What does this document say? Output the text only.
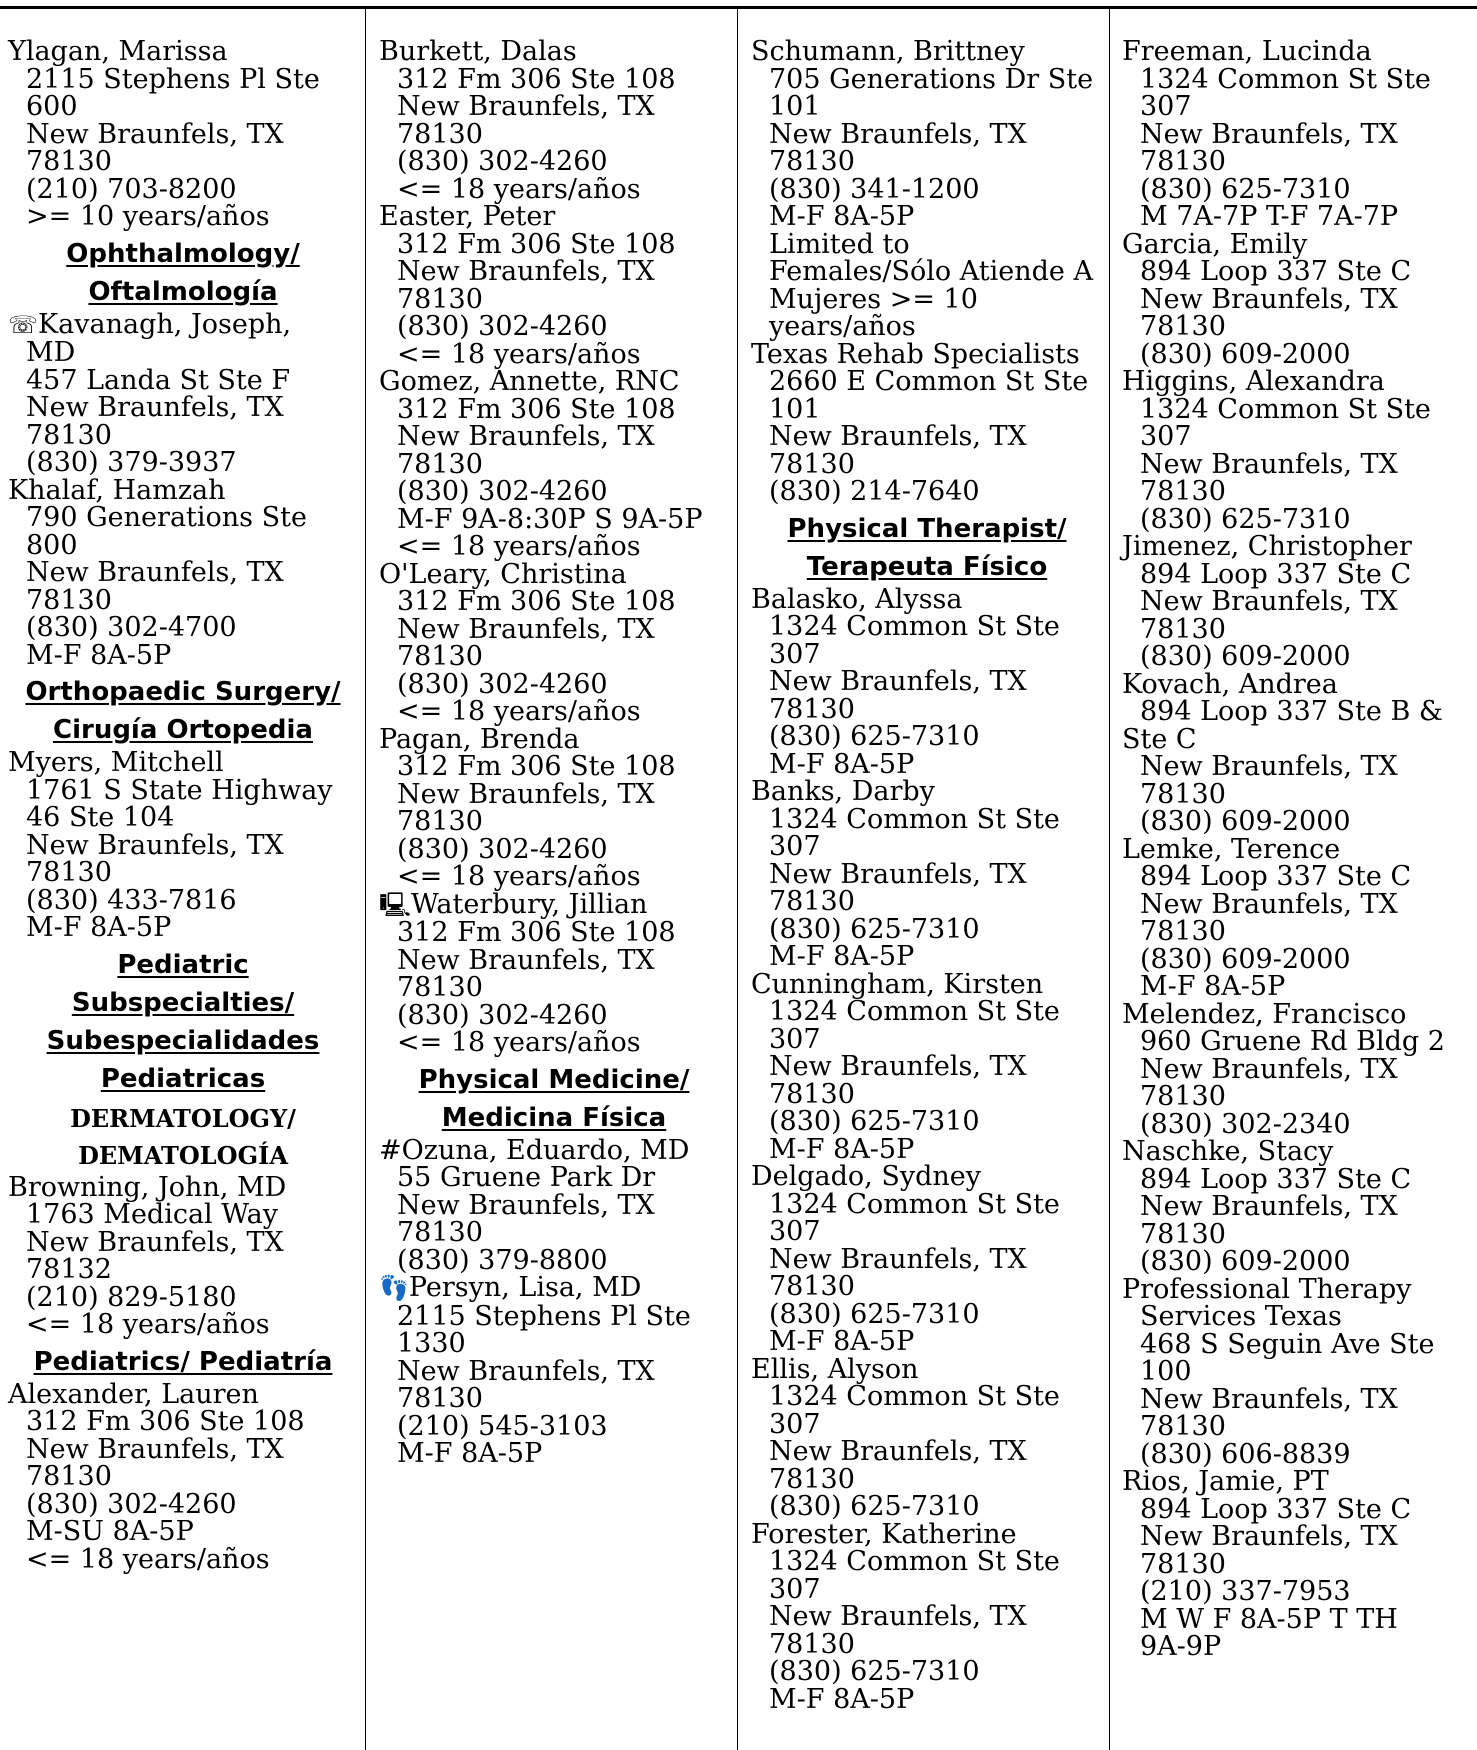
Ylagan, Marissa
2115 Stephens Pl Ste
600
New Braunfels, TX
78130
(210) 703-8200
>= 10 years/años
Ophthalmology/
Oftalmología
☏Kavanagh, Joseph,
MD
457 Landa St Ste F
New Braunfels, TX
78130
(830) 379-3937
Khalaf, Hamzah
790 Generations Ste
800
New Braunfels, TX
78130
(830) 302-4700
M-F 8A-5P
Orthopaedic Surgery/
Cirugía Ortopedia
Myers, Mitchell
1761 S State Highway
46 Ste 104
New Braunfels, TX
78130
(830) 433-7816
M-F 8A-5P
Pediatric
Subspecialties/
Subespecialidades
Pediatricas
DERMATOLOGY/
DEMATOLOGÍA
Browning, John, MD
1763 Medical Way
New Braunfels, TX
78132
(210) 829-5180
<= 18 years/años
Pediatrics/ Pediatría
Alexander, Lauren
312 Fm 306 Ste 108
New Braunfels, TX
78130
(830) 302-4260
M-SU 8A-5P
<= 18 years/años
Burkett, Dalas
312 Fm 306 Ste 108
New Braunfels, TX
78130
(830) 302-4260
<= 18 years/años
Easter, Peter
312 Fm 306 Ste 108
New Braunfels, TX
78130
(830) 302-4260
<= 18 years/años
Gomez, Annette, RNC
312 Fm 306 Ste 108
New Braunfels, TX
78130
(830) 302-4260
M-F 9A-8:30P S 9A-5P
<= 18 years/años
O'Leary, Christina
312 Fm 306 Ste 108
New Braunfels, TX
78130
(830) 302-4260
<= 18 years/años
Pagan, Brenda
312 Fm 306 Ste 108
New Braunfels, TX
78130
(830) 302-4260
<= 18 years/años
🖳Waterbury, Jillian
312 Fm 306 Ste 108
New Braunfels, TX
78130
(830) 302-4260
<= 18 years/años
Physical Medicine/
Medicina Física
#Ozuna, Eduardo, MD
55 Gruene Park Dr
New Braunfels, TX
78130
(830) 379-8800
👣Persyn, Lisa, MD
2115 Stephens Pl Ste
1330
New Braunfels, TX
78130
(210) 545-3103
M-F 8A-5P
Schumann, Brittney
705 Generations Dr Ste
101
New Braunfels, TX
78130
(830) 341-1200
M-F 8A-5P
Limited to
Females/Sólo Atiende A
Mujeres >= 10
years/años
Texas Rehab Specialists
2660 E Common St Ste
101
New Braunfels, TX
78130
(830) 214-7640
Physical Therapist/
Terapeuta Físico
Balasko, Alyssa
1324 Common St Ste
307
New Braunfels, TX
78130
(830) 625-7310
M-F 8A-5P
Banks, Darby
1324 Common St Ste
307
New Braunfels, TX
78130
(830) 625-7310
M-F 8A-5P
Cunningham, Kirsten
1324 Common St Ste
307
New Braunfels, TX
78130
(830) 625-7310
M-F 8A-5P
Delgado, Sydney
1324 Common St Ste
307
New Braunfels, TX
78130
(830) 625-7310
M-F 8A-5P
Ellis, Alyson
1324 Common St Ste
307
New Braunfels, TX
78130
(830) 625-7310
Forester, Katherine
1324 Common St Ste
307
New Braunfels, TX
78130
(830) 625-7310
M-F 8A-5P
Freeman, Lucinda
1324 Common St Ste
307
New Braunfels, TX
78130
(830) 625-7310
M 7A-7P T-F 7A-7P
Garcia, Emily
894 Loop 337 Ste C
New Braunfels, TX
78130
(830) 609-2000
Higgins, Alexandra
1324 Common St Ste
307
New Braunfels, TX
78130
(830) 625-7310
Jimenez, Christopher
894 Loop 337 Ste C
New Braunfels, TX
78130
(830) 609-2000
Kovach, Andrea
894 Loop 337 Ste B &
Ste C
New Braunfels, TX
78130
(830) 609-2000
Lemke, Terence
894 Loop 337 Ste C
New Braunfels, TX
78130
(830) 609-2000
M-F 8A-5P
Melendez, Francisco
960 Gruene Rd Bldg 2
New Braunfels, TX
78130
(830) 302-2340
Naschke, Stacy
894 Loop 337 Ste C
New Braunfels, TX
78130
(830) 609-2000
Professional Therapy
Services Texas
468 S Seguin Ave Ste
100
New Braunfels, TX
78130
(830) 606-8839
Rios, Jamie, PT
894 Loop 337 Ste C
New Braunfels, TX
78130
(210) 337-7953
M W F 8A-5P T TH
9A-9P
